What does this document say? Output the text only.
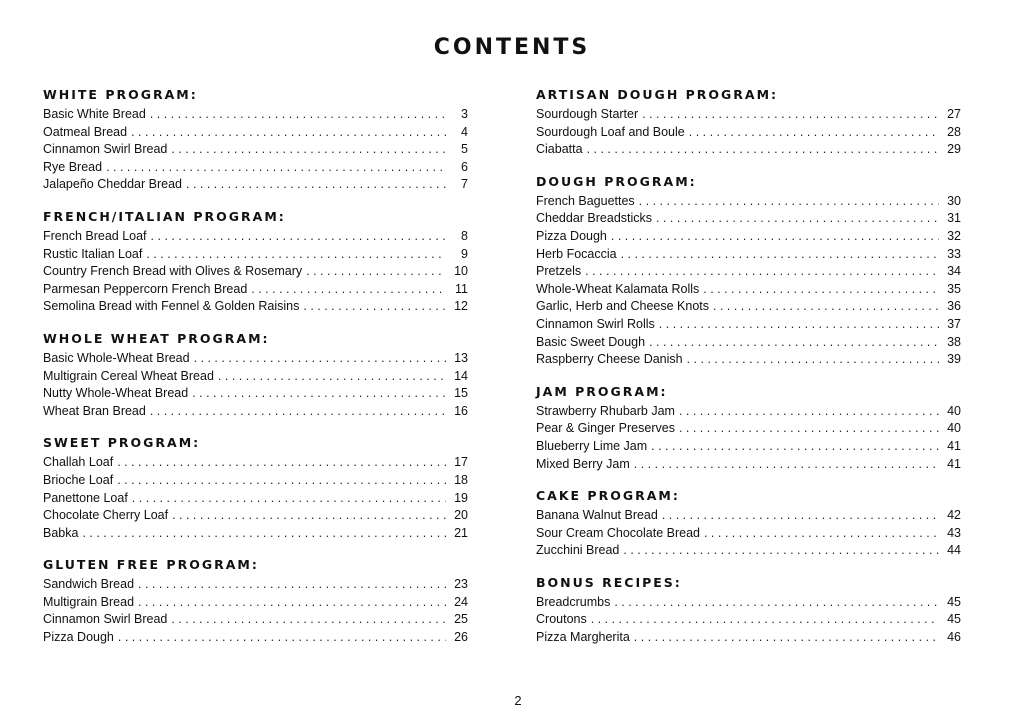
CONTENTS
WHITE PROGRAM:
Basic White Bread . . .	3
Oatmeal Bread . . .	4
Cinnamon Swirl Bread . . .	5
Rye Bread . . .	6
Jalapeño Cheddar Bread . . .	7
FRENCH/ITALIAN PROGRAM:
French Bread Loaf . . .	8
Rustic Italian Loaf . . .	9
Country French Bread with Olives & Rosemary . . .	10
Parmesan Peppercorn French Bread . . .	11
Semolina Bread with Fennel & Golden Raisins . . .	12
WHOLE WHEAT PROGRAM:
Basic Whole-Wheat Bread . . .	13
Multigrain Cereal Wheat Bread . . .	14
Nutty Whole-Wheat Bread . . .	15
Wheat Bran Bread . . .	16
SWEET PROGRAM:
Challah Loaf . . .	17
Brioche Loaf . . .	18
Panettone Loaf . . .	19
Chocolate Cherry Loaf . . .	20
Babka . . .	21
GLUTEN FREE PROGRAM:
Sandwich Bread . . .	23
Multigrain Bread . . .	24
Cinnamon Swirl Bread . . .	25
Pizza Dough . . .	26
ARTISAN DOUGH PROGRAM:
Sourdough Starter . . .	27
Sourdough Loaf and Boule . . .	28
Ciabatta . . .	29
DOUGH PROGRAM:
French Baguettes . . .	30
Cheddar Breadsticks . . .	31
Pizza Dough . . .	32
Herb Focaccia . . .	33
Pretzels . . .	34
Whole-Wheat Kalamata Rolls . . .	35
Garlic, Herb and Cheese Knots . . .	36
Cinnamon Swirl Rolls . . .	37
Basic Sweet Dough . . .	38
Raspberry Cheese Danish . . .	39
JAM PROGRAM:
Strawberry Rhubarb Jam . . .	40
Pear & Ginger Preserves . . .	40
Blueberry Lime Jam . . .	41
Mixed Berry Jam . . .	41
CAKE PROGRAM:
Banana Walnut Bread . . .	42
Sour Cream Chocolate Bread . . .	43
Zucchini Bread . . .	44
BONUS RECIPES:
Breadcrumbs . . .	45
Croutons . . .	45
Pizza Margherita . . .	46
2
